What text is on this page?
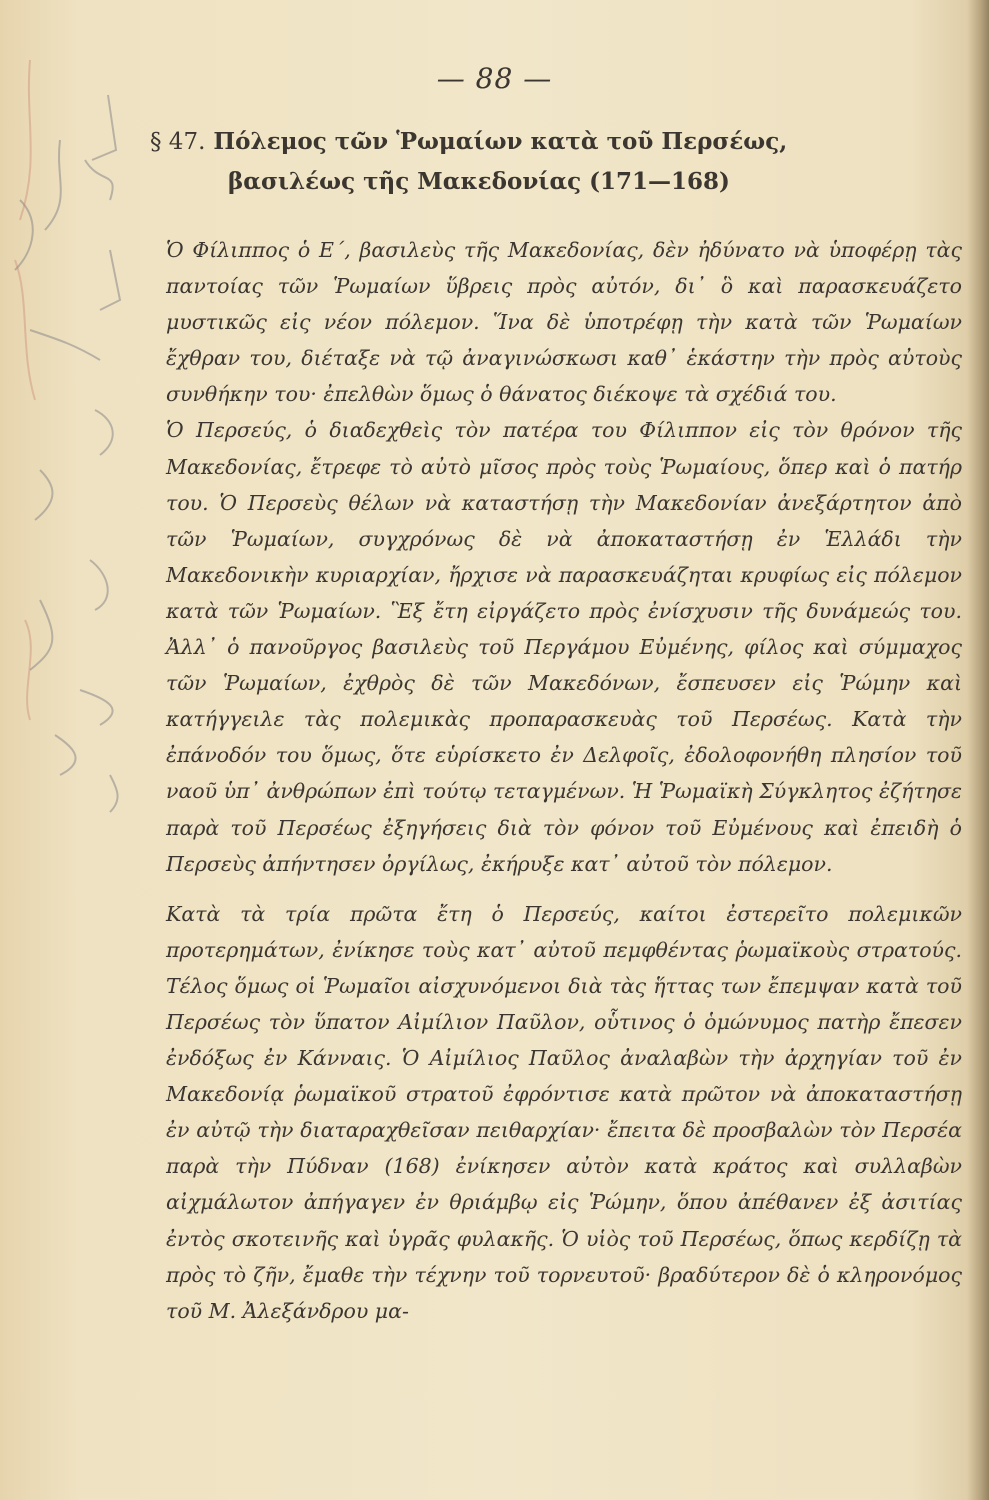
— 88 —
§ 47. Πόλεμος τῶν Ῥωμαίων κατὰ τοῦ Περσέως,
βασιλέως τῆς Μακεδονίας (171—168)

Ὁ Φίλιππος ὁ Ε΄, βασιλεὺς τῆς Μακεδονίας, δὲν ἠδύνατο νὰ ὑποφέρῃ τὰς παντοίας τῶν Ῥωμαίων ὕβρεις πρὸς αὐτόν, δι᾽ ὃ καὶ παρασκευάζετο μυστικῶς εἰς νέον πόλεμον. Ἵνα δὲ ὑποτρέφῃ τὴν κατὰ τῶν Ῥωμαίων ἔχθραν του, διέταξε νὰ τῷ ἀναγινώσκωσι καθ᾽ ἑκάστην τὴν πρὸς αὐτοὺς συνθήκην του· ἐπελθὼν ὅμως ὁ θάνατος διέκοψε τὰ σχέδιά του.

Ὁ Περσεύς, ὁ διαδεχθεὶς τὸν πατέρα του Φίλιππον εἰς τὸν θρόνον τῆς Μακεδονίας, ἔτρεφε τὸ αὐτὸ μῖσος πρὸς τοὺς Ῥωμαίους, ὅπερ καὶ ὁ πατήρ του. Ὁ Περσεὺς θέλων νὰ καταστήσῃ τὴν Μακεδονίαν ἀνεξάρτητον ἀπὸ τῶν Ῥωμαίων, συγχρόνως δὲ νὰ ἀποκαταστήσῃ ἐν Ἑλλάδι τὴν Μακεδονικὴν κυριαρχίαν, ἤρχισε νὰ παρασκευάζηται κρυφίως εἰς πόλεμον κατὰ τῶν Ῥωμαίων. Ἓξ ἔτη εἰργάζετο πρὸς ἐνίσχυσιν τῆς δυνάμεώς του. Ἀλλ᾽ ὁ πανοῦργος βασιλεὺς τοῦ Περγάμου Εὐμένης, φίλος καὶ σύμμαχος τῶν Ῥωμαίων, ἐχθρὸς δὲ τῶν Μακεδόνων, ἔσπευσεν εἰς Ῥώμην καὶ κατήγγειλε τὰς πολεμικὰς προπαρασκευὰς τοῦ Περσέως. Κατὰ τὴν ἐπάνοδόν του ὅμως, ὅτε εὑρίσκετο ἐν Δελφοῖς, ἐδολοφονήθη πλησίον τοῦ ναοῦ ὑπ᾽ ἀνθρώπων ἐπὶ τούτῳ τεταγμένων. Ἡ Ῥωμαϊκὴ Σύγκλητος ἐζήτησε παρὰ τοῦ Περσέως ἐξηγήσεις διὰ τὸν φόνον τοῦ Εὐμένους καὶ ἐπειδὴ ὁ Περσεὺς ἀπήντησεν ὀργίλως, ἐκήρυξε κατ᾽ αὐτοῦ τὸν πόλεμον.

Κατὰ τὰ τρία πρῶτα ἔτη ὁ Περσεύς, καίτοι ἐστερεῖτο πολεμικῶν προτερημάτων, ἐνίκησε τοὺς κατ᾽ αὐτοῦ πεμφθέντας ῥωμαϊκοὺς στρατούς. Τέλος ὅμως οἱ Ῥωμαῖοι αἰσχυνόμενοι διὰ τὰς ἥττας των ἔπεμψαν κατὰ τοῦ Περσέως τὸν ὕπατον Αἰμίλιον Παῦλον, οὗτινος ὁ ὁμώνυμος πατὴρ ἔπεσεν ἐνδόξως ἐν Κάνναις. Ὁ Αἰμίλιος Παῦλος ἀναλαβὼν τὴν ἀρχηγίαν τοῦ ἐν Μακεδονίᾳ ῥωμαϊκοῦ στρατοῦ ἐφρόντισε κατὰ πρῶτον νὰ ἀποκαταστήσῃ ἐν αὐτῷ τὴν διαταραχθεῖσαν πειθαρχίαν· ἔπειτα δὲ προσβαλὼν τὸν Περσέα παρὰ τὴν Πύδναν (168) ἐνίκησεν αὐτὸν κατὰ κράτος καὶ συλλαβὼν αἰχμάλωτον ἀπήγαγεν ἐν θριάμβῳ εἰς Ῥώμην, ὅπου ἀπέθανεν ἐξ ἀσιτίας ἐντὸς σκοτεινῆς καὶ ὑγρᾶς φυλακῆς. Ὁ υἱὸς τοῦ Περσέως, ὅπως κερδίζῃ τὰ πρὸς τὸ ζῆν, ἔμαθε τὴν τέχνην τοῦ τορνευτοῦ· βραδύτερον δὲ ὁ κληρονόμος τοῦ Μ. Ἀλεξάνδρου μα-
